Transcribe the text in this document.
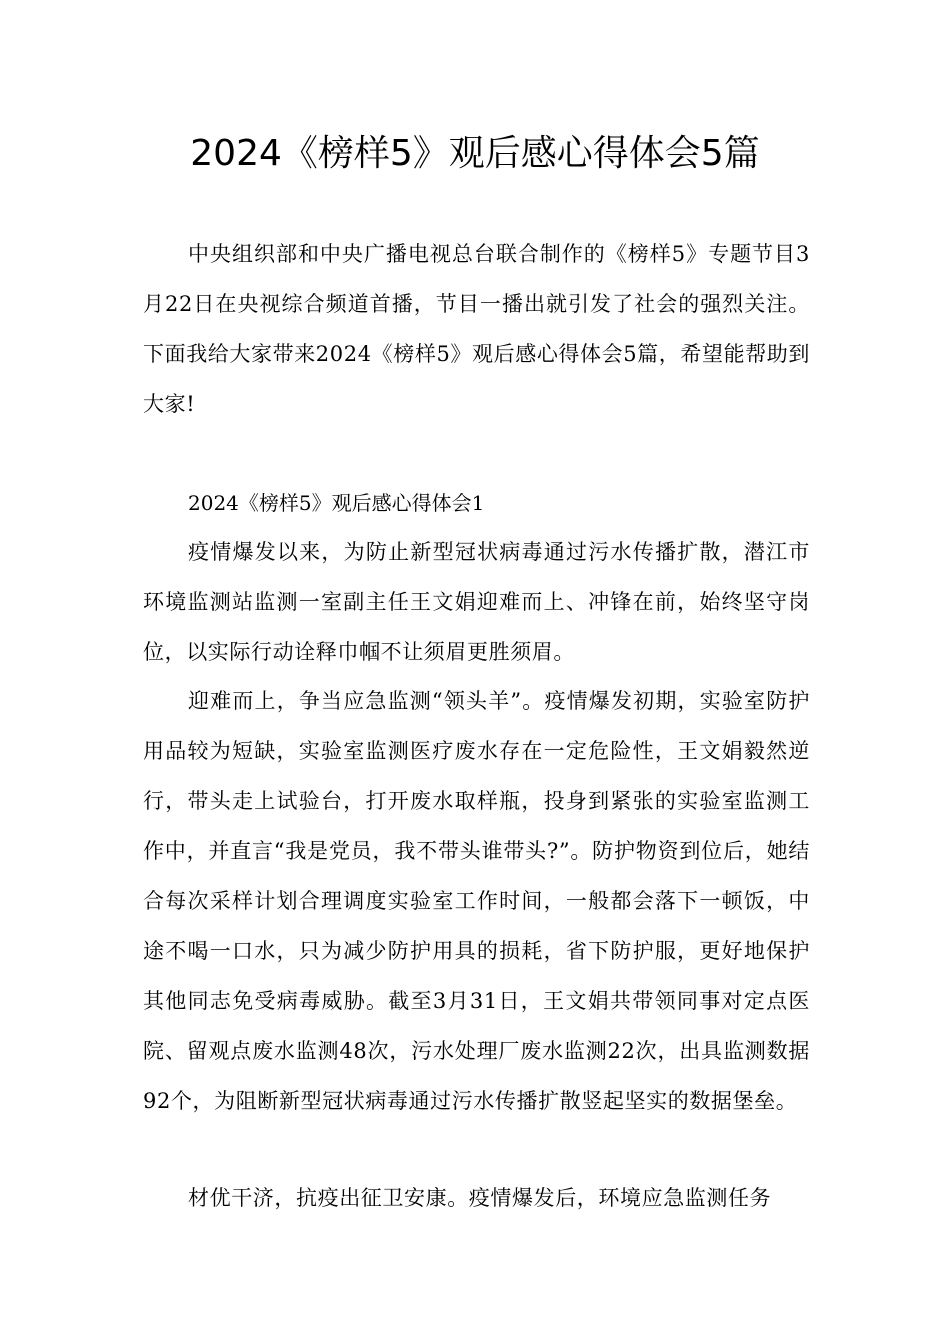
2024《榜样5》观后感心得体会5篇

中央组织部和中央广播电视总台联合制作的《榜样5》专题节目3月22日在央视综合频道首播，节目一播出就引发了社会的强烈关注。下面我给大家带来2024《榜样5》观后感心得体会5篇，希望能帮助到大家!

2024《榜样5》观后感心得体会1

疫情爆发以来，为防止新型冠状病毒通过污水传播扩散，潜江市环境监测站监测一室副主任王文娟迎难而上、冲锋在前，始终坚守岗位，以实际行动诠释巾帼不让须眉更胜须眉。

迎难而上，争当应急监测“领头羊”。疫情爆发初期，实验室防护用品较为短缺，实验室监测医疗废水存在一定危险性，王文娟毅然逆行，带头走上试验台，打开废水取样瓶，投身到紧张的实验室监测工作中，并直言“我是党员，我不带头谁带头?”。防护物资到位后，她结合每次采样计划合理调度实验室工作时间，一般都会落下一顿饭，中途不喝一口水，只为减少防护用具的损耗，省下防护服，更好地保护其他同志免受病毒威胁。截至3月31日，王文娟共带领同事对定点医院、留观点废水监测48次，污水处理厂废水监测22次，出具监测数据92个，为阻断新型冠状病毒通过污水传播扩散竖起坚实的数据堡垒。

材优干济，抗疫出征卫安康。疫情爆发后，环境应急监测任务
